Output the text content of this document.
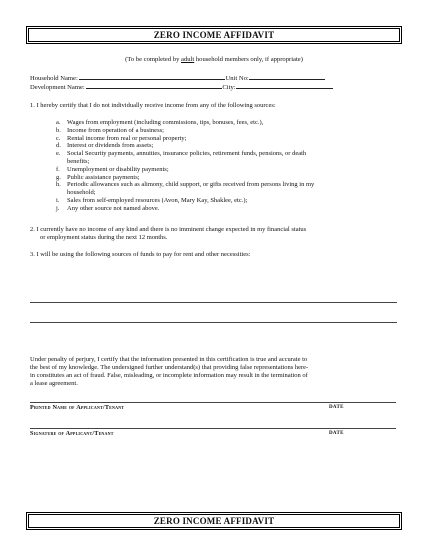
ZERO INCOME AFFIDAVIT
(To be completed by adult household members only, if appropriate)
Household Name:	Unit No:
Development Name:	City:
1. I hereby certify that I do not individually receive income from any of the following sources:
a. Wages from employment (including commissions, tips, bonuses, fees, etc.),
b. Income from operation of a business;
c. Rental income from real or personal property;
d. Interest or dividends from assets;
e. Social Security payments, annuities, insurance policies, retirement funds, pensions, or death
benefits;
f. Unemployment or disability payments;
g. Public assistance payments;
h. Periodic allowances such as alimony, child support, or gifts received from persons living in my
household;
i. Sales from self-employed resources (Avon, Mary Kay, Shaklee, etc.);
j. Any other source not named above.
2. I currently have no income of any kind and there is no imminent change expected in my financial status
or employment status during the next 12 months.
3. I will be using the following sources of funds to pay for rent and other necessities:
Under penalty of perjury, I certify that the information presented in this certification is true and accurate to
the best of my knowledge. The undersigned further understand(s) that providing false representations here-
in constitutes an act of fraud. False, misleading, or incomplete information may result in the termination of
a lease agreement.
Printed Name of Applicant/Tenant	DATE
Signature of Applicant/Tenant	DATE
ZERO INCOME AFFIDAVIT
